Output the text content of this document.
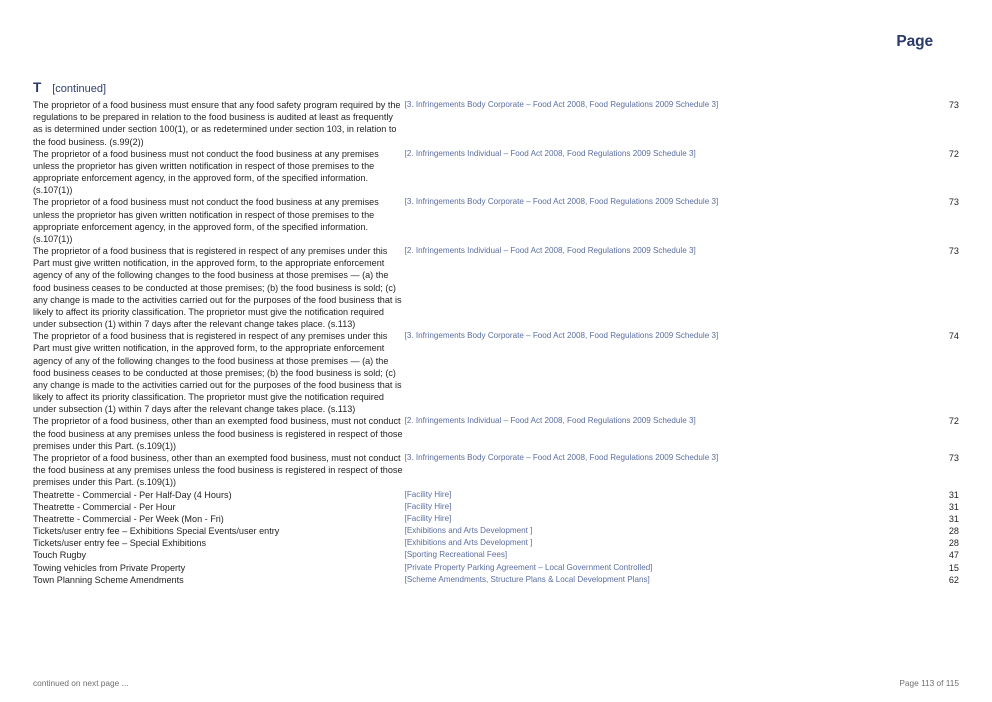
Page
T [continued]
The proprietor of a food business must ensure that any food safety program required by the regulations to be prepared in relation to the food business is audited at least as frequently as is determined under section 100(1), or as redetermined under section 103, in relation to the food business. (s.99(2))	[3. Infringements Body Corporate – Food Act 2008, Food Regulations 2009 Schedule 3]	73
The proprietor of a food business must not conduct the food business at any premises unless the proprietor has given written notification in respect of those premises to the appropriate enforcement agency, in the approved form, of the specified information. (s.107(1))	[2. Infringements Individual – Food Act 2008, Food Regulations 2009 Schedule 3]	72
The proprietor of a food business must not conduct the food business at any premises unless the proprietor has given written notification in respect of those premises to the appropriate enforcement agency, in the approved form, of the specified information. (s.107(1))	[3. Infringements Body Corporate – Food Act 2008, Food Regulations 2009 Schedule 3]	73
The proprietor of a food business that is registered in respect of any premises under this Part must give written notification, in the approved form, to the appropriate enforcement agency of any of the following changes to the food business at those premises — (a) the food business ceases to be conducted at those premises; (b) the food business is sold; (c) any change is made to the activities carried out for the purposes of the food business that is likely to affect its priority classification. The proprietor must give the notification required under subsection (1) within 7 days after the relevant change takes place. (s.113)	[2. Infringements Individual – Food Act 2008, Food Regulations 2009 Schedule 3]	73
The proprietor of a food business that is registered in respect of any premises under this Part must give written notification, in the approved form, to the appropriate enforcement agency of any of the following changes to the food business at those premises — (a) the food business ceases to be conducted at those premises; (b) the food business is sold; (c) any change is made to the activities carried out for the purposes of the food business that is likely to affect its priority classification. The proprietor must give the notification required under subsection (1) within 7 days after the relevant change takes place. (s.113)	[3. Infringements Body Corporate – Food Act 2008, Food Regulations 2009 Schedule 3]	74
The proprietor of a food business, other than an exempted food business, must not conduct the food business at any premises unless the food business is registered in respect of those premises under this Part. (s.109(1))	[2. Infringements Individual – Food Act 2008, Food Regulations 2009 Schedule 3]	72
The proprietor of a food business, other than an exempted food business, must not conduct the food business at any premises unless the food business is registered in respect of those premises under this Part. (s.109(1))	[3. Infringements Body Corporate – Food Act 2008, Food Regulations 2009 Schedule 3]	73
Theatrette - Commercial - Per Half-Day (4 Hours)	[Facility Hire]	31
Theatrette - Commercial - Per Hour	[Facility Hire]	31
Theatrette - Commercial - Per Week (Mon - Fri)	[Facility Hire]	31
Tickets/user entry fee – Exhibitions Special Events/user entry	[Exhibitions and Arts Development ]	28
Tickets/user entry fee – Special Exhibitions	[Exhibitions and Arts Development ]	28
Touch Rugby	[Sporting Recreational Fees]	47
Towing vehicles from Private Property	[Private Property Parking Agreement – Local Government Controlled]	15
Town Planning Scheme Amendments	[Scheme Amendments, Structure Plans & Local Development Plans]	62
continued on next page ...	Page 113 of 115
